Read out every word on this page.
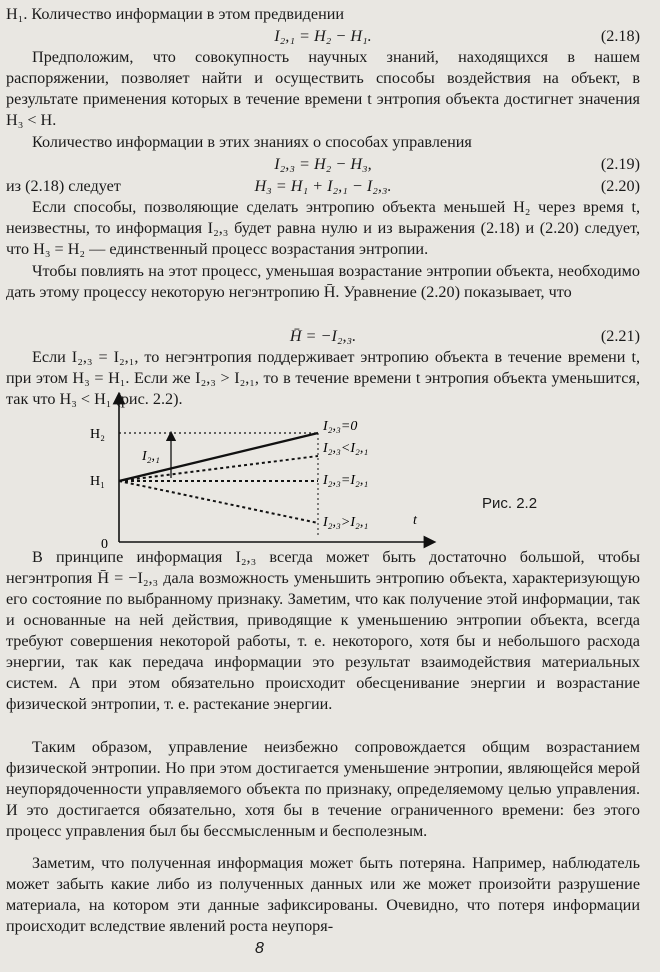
H₁. Количество информации в этом предвидении

I₂,₁ = H₂ − H₁.	(2.18)

Предположим, что совокупность научных знаний, находящихся в нашем распоряжении, позволяет найти и осуществить способы воздействия на объект, в результате применения которых в течение времени t энтропия объекта достигнет значения H₃ < H.

Количество информации в этих знаниях о способах управления

I₂,₃ = H₂ − H₃,	(2.19)
из (2.18) следует	H₃ = H₁ + I₂,₁ − I₂,₃.	(2.20)

Если способы, позволяющие сделать энтропию объекта меньшей H₂ через время t, неизвестны, то информация I₂,₃ будет равна нулю и из выражения (2.18) и (2.20) следует, что H₃ = H₂ — единственный процесс возрастания энтропии.

Чтобы повлиять на этот процесс, уменьшая возрастание энтропии объекта, необходимо дать этому процессу некоторую негэнтропию H̄. Уравнение (2.20) показывает, что

H̄ = −I₂,₃.	(2.21)

Если I₂,₃ = I₂,₁, то негэнтропия поддерживает энтропию объекта в течение времени t, при этом H₃ = H₁. Если же I₂,₃ > I₂,₁, то в течение времени t энтропия объекта уменьшится, так что H₃ < H₁ (рис. 2.2).

H₂
H₁
0
t
I₂,₁
I₂,₃=0
I₂,₃<I₂,₁
I₂,₃=I₂,₁
I₂,₃>I₂,₁
Рис. 2.2

В принципе информация I₂,₃ всегда может быть достаточно большой, чтобы негэнтропия H̄ = −I₂,₃ дала возможность уменьшить энтропию объекта, характеризующую его состояние по выбранному признаку. Заметим, что как получение этой информации, так и основанные на ней действия, приводящие к уменьшению энтропии объекта, всегда требуют совершения некоторой работы, т. е. некоторого, хотя бы и небольшого расхода энергии, так как передача информации это результат взаимодействия материальных систем. А при этом обязательно происходит обесценивание энергии и возрастание физической энтропии, т. е. растекание энергии.

Таким образом, управление неизбежно сопровождается общим возрастанием физической энтропии. Но при этом достигается уменьшение энтропии, являющейся мерой неупорядоченности управляемого объекта по признаку, определяемому целью управления. И это достигается обязательно, хотя бы в течение ограниченного времени: без этого процесс управления был бы бессмысленным и бесполезным.

Заметим, что полученная информация может быть потеряна. Например, наблюдатель может забыть какие либо из полученных данных или же может произойти разрушение материала, на котором эти данные зафиксированы. Очевидно, что потеря информации происходит вследствие явлений роста неупоря-

8
